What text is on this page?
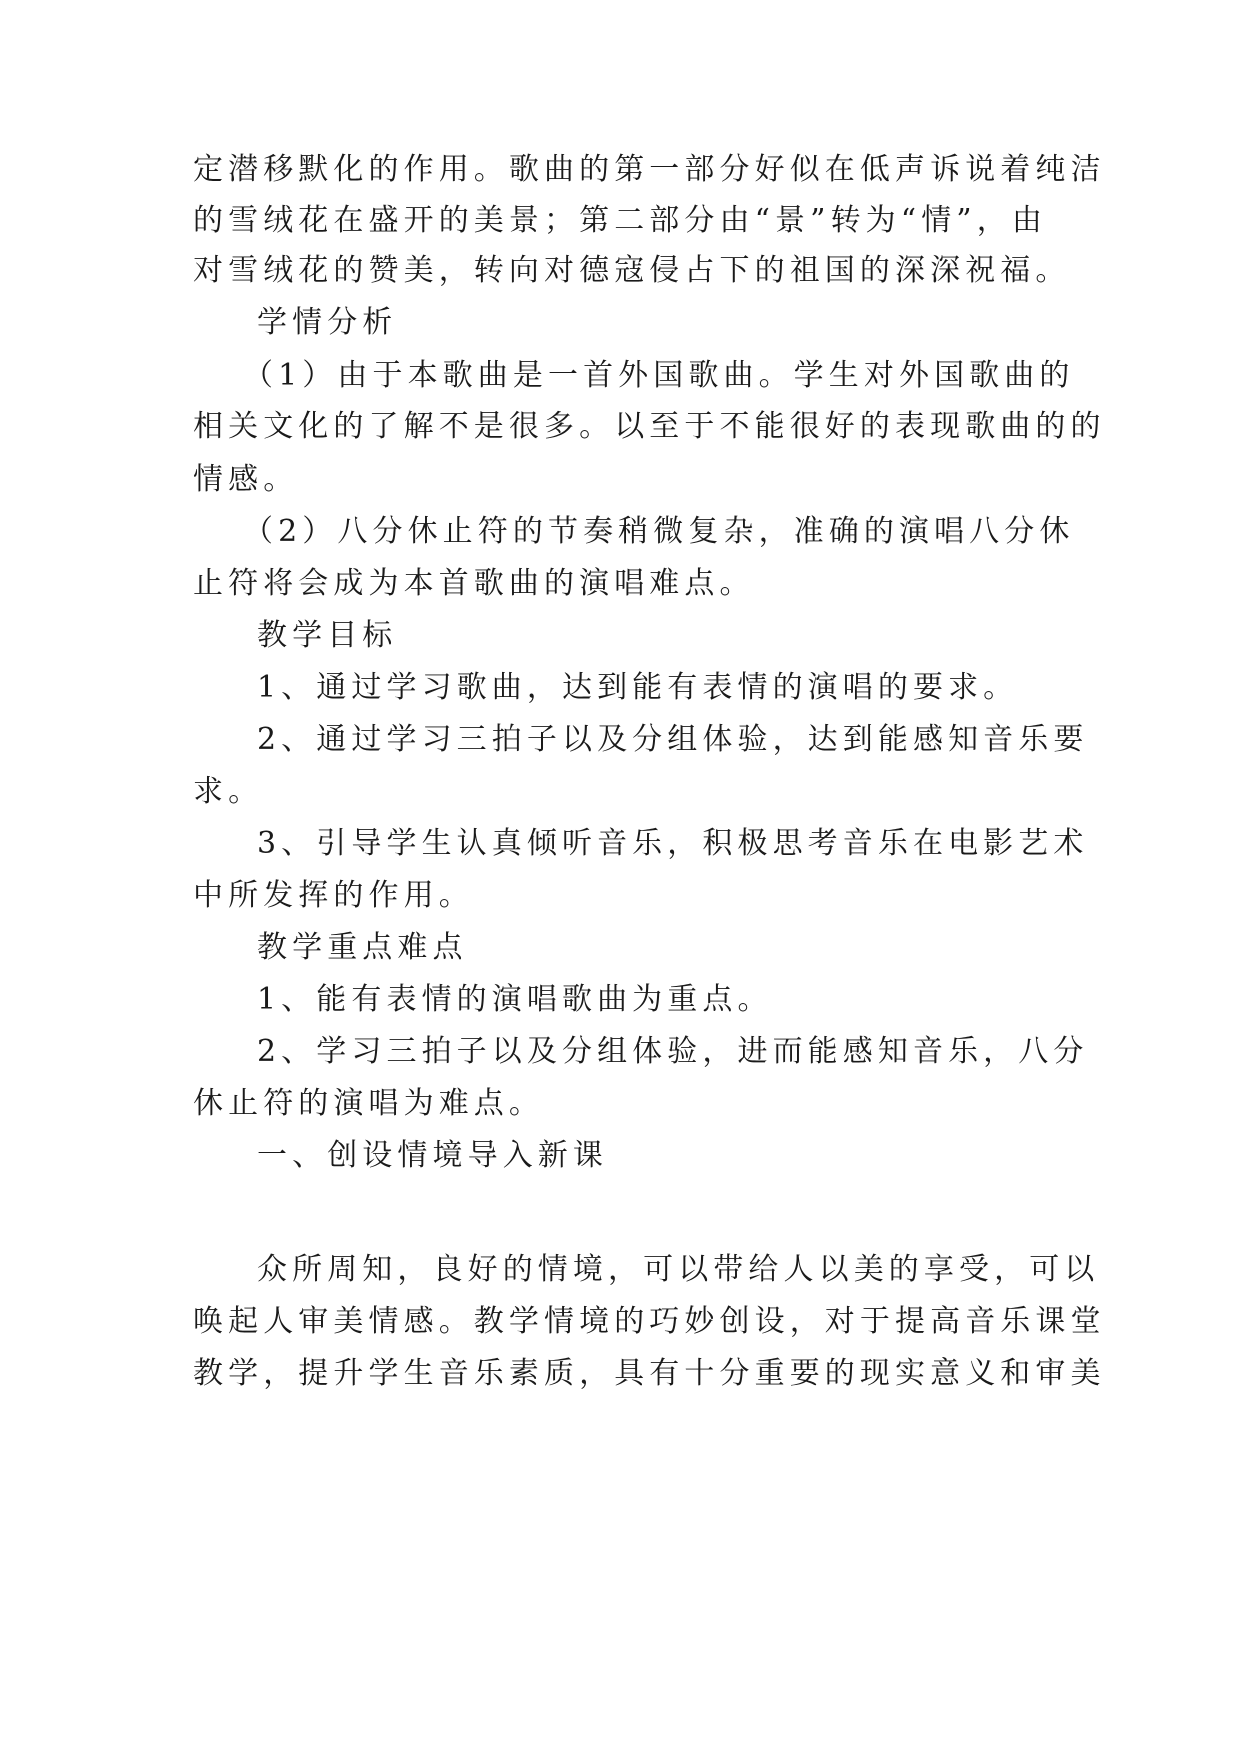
定潜移默化的作用。歌曲的第一部分好似在低声诉说着纯洁
的雪绒花在盛开的美景；第二部分由“景”转为“情”，由
对雪绒花的赞美，转向对德寇侵占下的祖国的深深祝福。
学情分析
（1）由于本歌曲是一首外国歌曲。学生对外国歌曲的
相关文化的了解不是很多。以至于不能很好的表现歌曲的的
情感。
（2）八分休止符的节奏稍微复杂，准确的演唱八分休
止符将会成为本首歌曲的演唱难点。
教学目标
1、通过学习歌曲，达到能有表情的演唱的要求。
2、通过学习三拍子以及分组体验，达到能感知音乐要
求。
3、引导学生认真倾听音乐，积极思考音乐在电影艺术
中所发挥的作用。
教学重点难点
1、能有表情的演唱歌曲为重点。
2、学习三拍子以及分组体验，进而能感知音乐，八分
休止符的演唱为难点。
一、创设情境导入新课
众所周知，良好的情境，可以带给人以美的享受，可以
唤起人审美情感。教学情境的巧妙创设，对于提高音乐课堂
教学，提升学生音乐素质，具有十分重要的现实意义和审美
